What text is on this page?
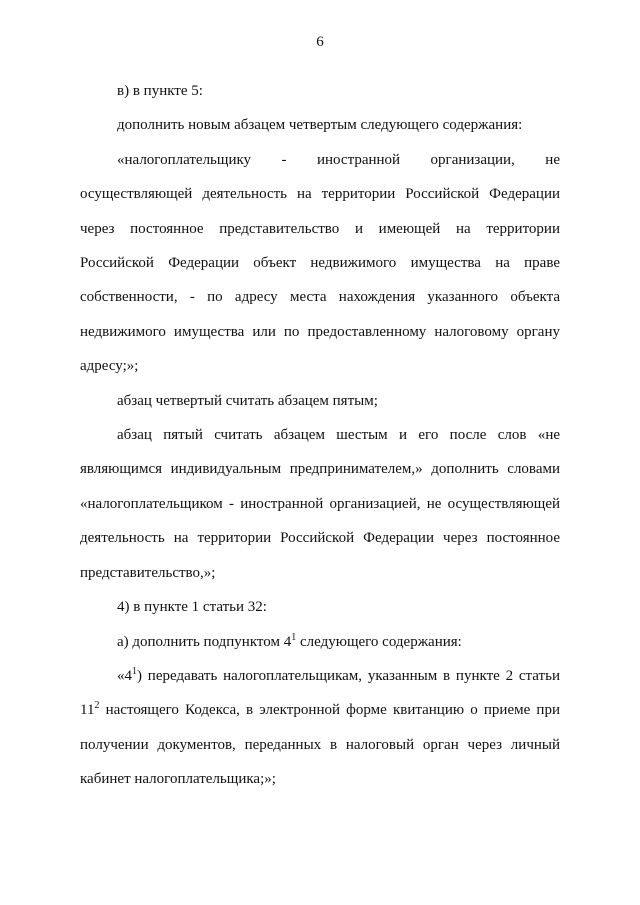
6

в) в пункте 5:

дополнить новым абзацем четвертым следующего содержания:

«налогоплательщику - иностранной организации, не осуществляющей деятельность на территории Российской Федерации через постоянное представительство и имеющей на территории Российской Федерации объект недвижимого имущества на праве собственности, - по адресу места нахождения указанного объекта недвижимого имущества или по предоставленному налоговому органу адресу;»;

абзац четвертый считать абзацем пятым;

абзац пятый считать абзацем шестым и его после слов «не являющимся индивидуальным предпринимателем,» дополнить словами «налогоплательщиком - иностранной организацией, не осуществляющей деятельность на территории Российской Федерации через постоянное представительство,»;

4) в пункте 1 статьи 32:

а) дополнить подпунктом $4^1$ следующего содержания:

«$4^1$) передавать налогоплательщикам, указанным в пункте 2 статьи $11^2$ настоящего Кодекса, в электронной форме квитанцию о приеме при получении документов, переданных в налоговый орган через личный кабинет налогоплательщика;»;
